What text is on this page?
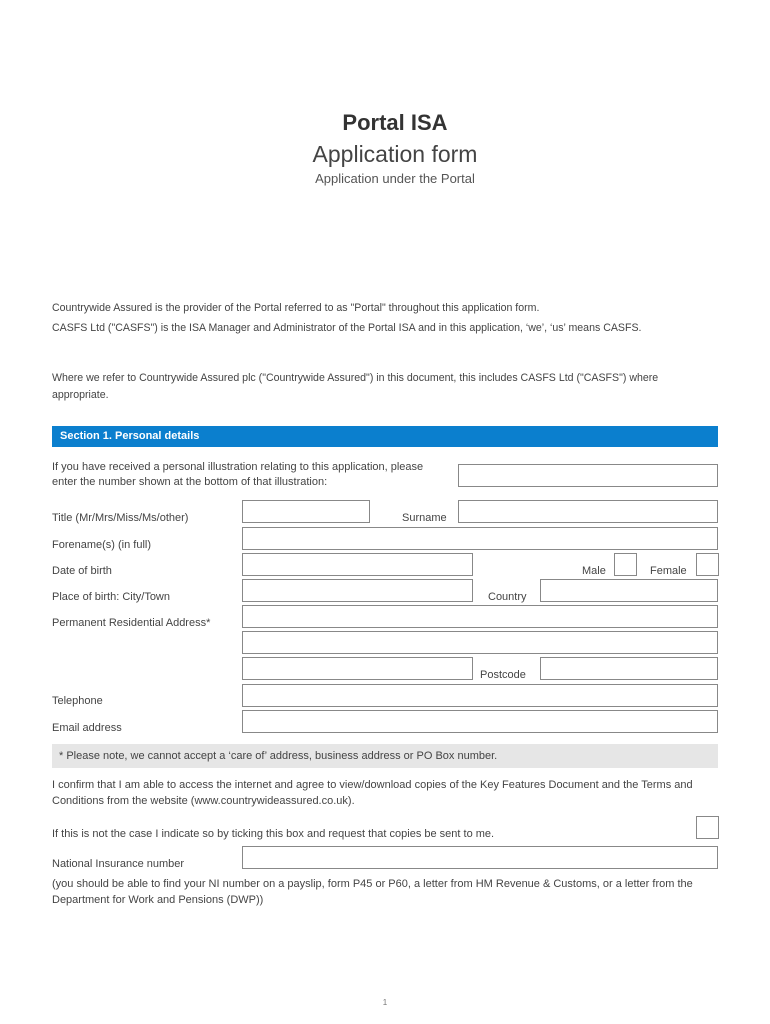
Portal ISA
Application form
Application under the Portal
Countrywide Assured is the provider of the Portal referred to as "Portal" throughout this application form.
CASFS Ltd ("CASFS") is the ISA Manager and Administrator of the Portal ISA and in this application, ‘we’, ‘us’ means CASFS.
Where we refer to Countrywide Assured plc ("Countrywide Assured") in this document, this includes CASFS Ltd ("CASFS") where appropriate.
Section 1. Personal details
If you have received a personal illustration relating to this application, please enter the number shown at the bottom of that illustration:
Title (Mr/Mrs/Miss/Ms/other)	Surname
Forename(s) (in full)
Date of birth	Male	Female
Place of birth: City/Town	Country
Permanent Residential Address*
Postcode
Telephone
Email address
* Please note, we cannot accept a ‘care of’ address, business address or PO Box number.
I confirm that I am able to access the internet and agree to view/download copies of the Key Features Document and the Terms and Conditions from the website (www.countrywideassured.co.uk).
If this is not the case I indicate so by ticking this box and request that copies be sent to me.
National Insurance number
(you should be able to find your NI number on a payslip, form P45 or P60, a letter from HM Revenue & Customs, or a letter from the Department for Work and Pensions (DWP))
1
